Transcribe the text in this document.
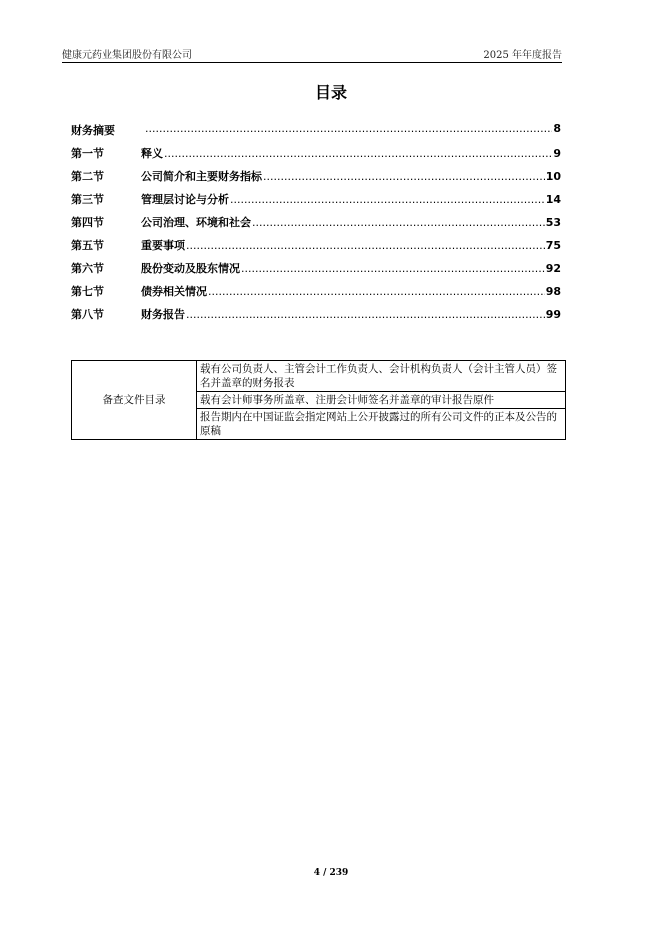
健康元药业集团股份有限公司	2025 年年度报告
目录
财务摘要 .....	8
第一节	释义 .....	9
第二节	公司简介和主要财务指标 .....	10
第三节	管理层讨论与分析 .....	14
第四节	公司治理、环境和社会 .....	53
第五节	重要事项 .....	75
第六节	股份变动及股东情况 .....	92
第七节	债券相关情况 .....	98
第八节	财务报告 .....	99
备查文件目录	载有公司负责人、主管会计工作负责人、会计机构负责人（会计主管人员）签名并盖章的财务报表
载有会计师事务所盖章、注册会计师签名并盖章的审计报告原件
报告期内在中国证监会指定网站上公开披露过的所有公司文件的正本及公告的原稿
4 / 239
